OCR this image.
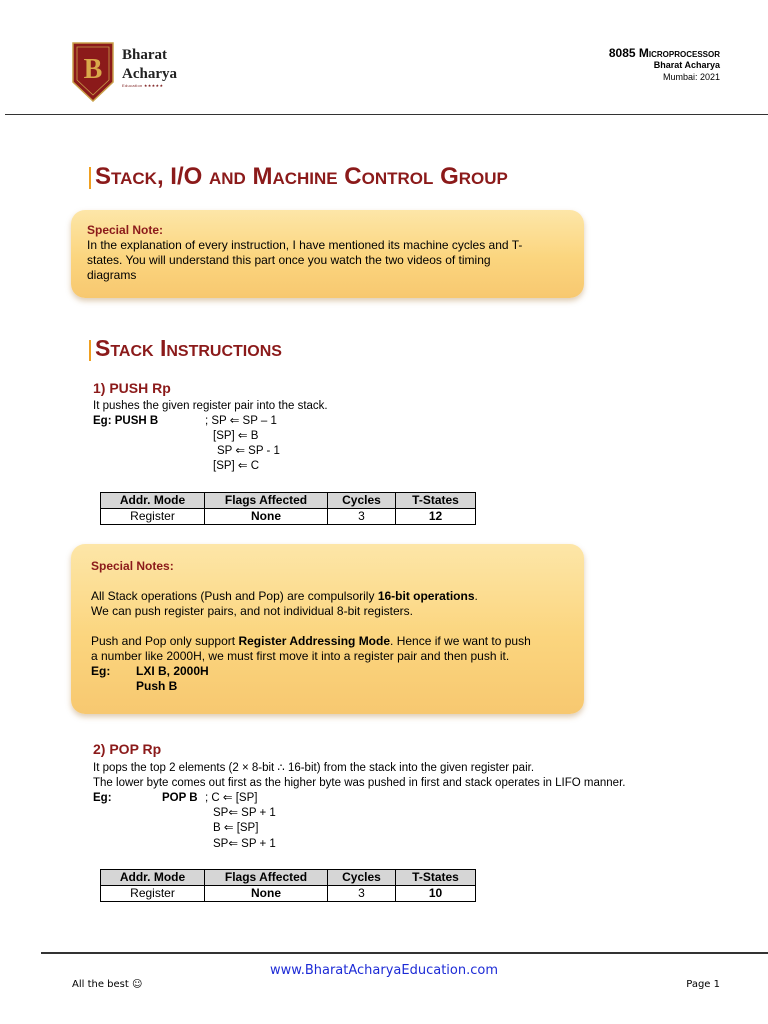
B Bharat
Acharya
Education ★★★★★
8085 Microprocessor
Bharat Acharya
Mumbai: 2021
Stack, I/O and Machine Control Group
Special Note:
In the explanation of every instruction, I have mentioned its machine cycles and T-
states. You will understand this part once you watch the two videos of timing
diagrams
Stack Instructions
1) PUSH Rp
It pushes the given register pair into the stack.
Eg: PUSH B	; SP ⇐ SP – 1
[SP] ⇐ B
SP ⇐ SP - 1
[SP] ⇐ C
Addr. Mode	Flags Affected	Cycles	T-States
Register	None	3	12
Special Notes:
All Stack operations (Push and Pop) are compulsorily 16-bit operations.
We can push register pairs, and not individual 8-bit registers.
Push and Pop only support Register Addressing Mode. Hence if we want to push
a number like 2000H, we must first move it into a register pair and then push it.
Eg: LXI B, 2000H
Push B
2) POP Rp
It pops the top 2 elements (2 × 8-bit ∴ 16-bit) from the stack into the given register pair.
The lower byte comes out first as the higher byte was pushed in first and stack operates in LIFO manner.
Eg:	POP B ; C ⇐ [SP]
SP⇐ SP + 1
B ⇐ [SP]
SP⇐ SP + 1
Addr. Mode	Flags Affected	Cycles	T-States
Register	None	3	10
www.BharatAcharyaEducation.com
All the best ☺	Page 1
